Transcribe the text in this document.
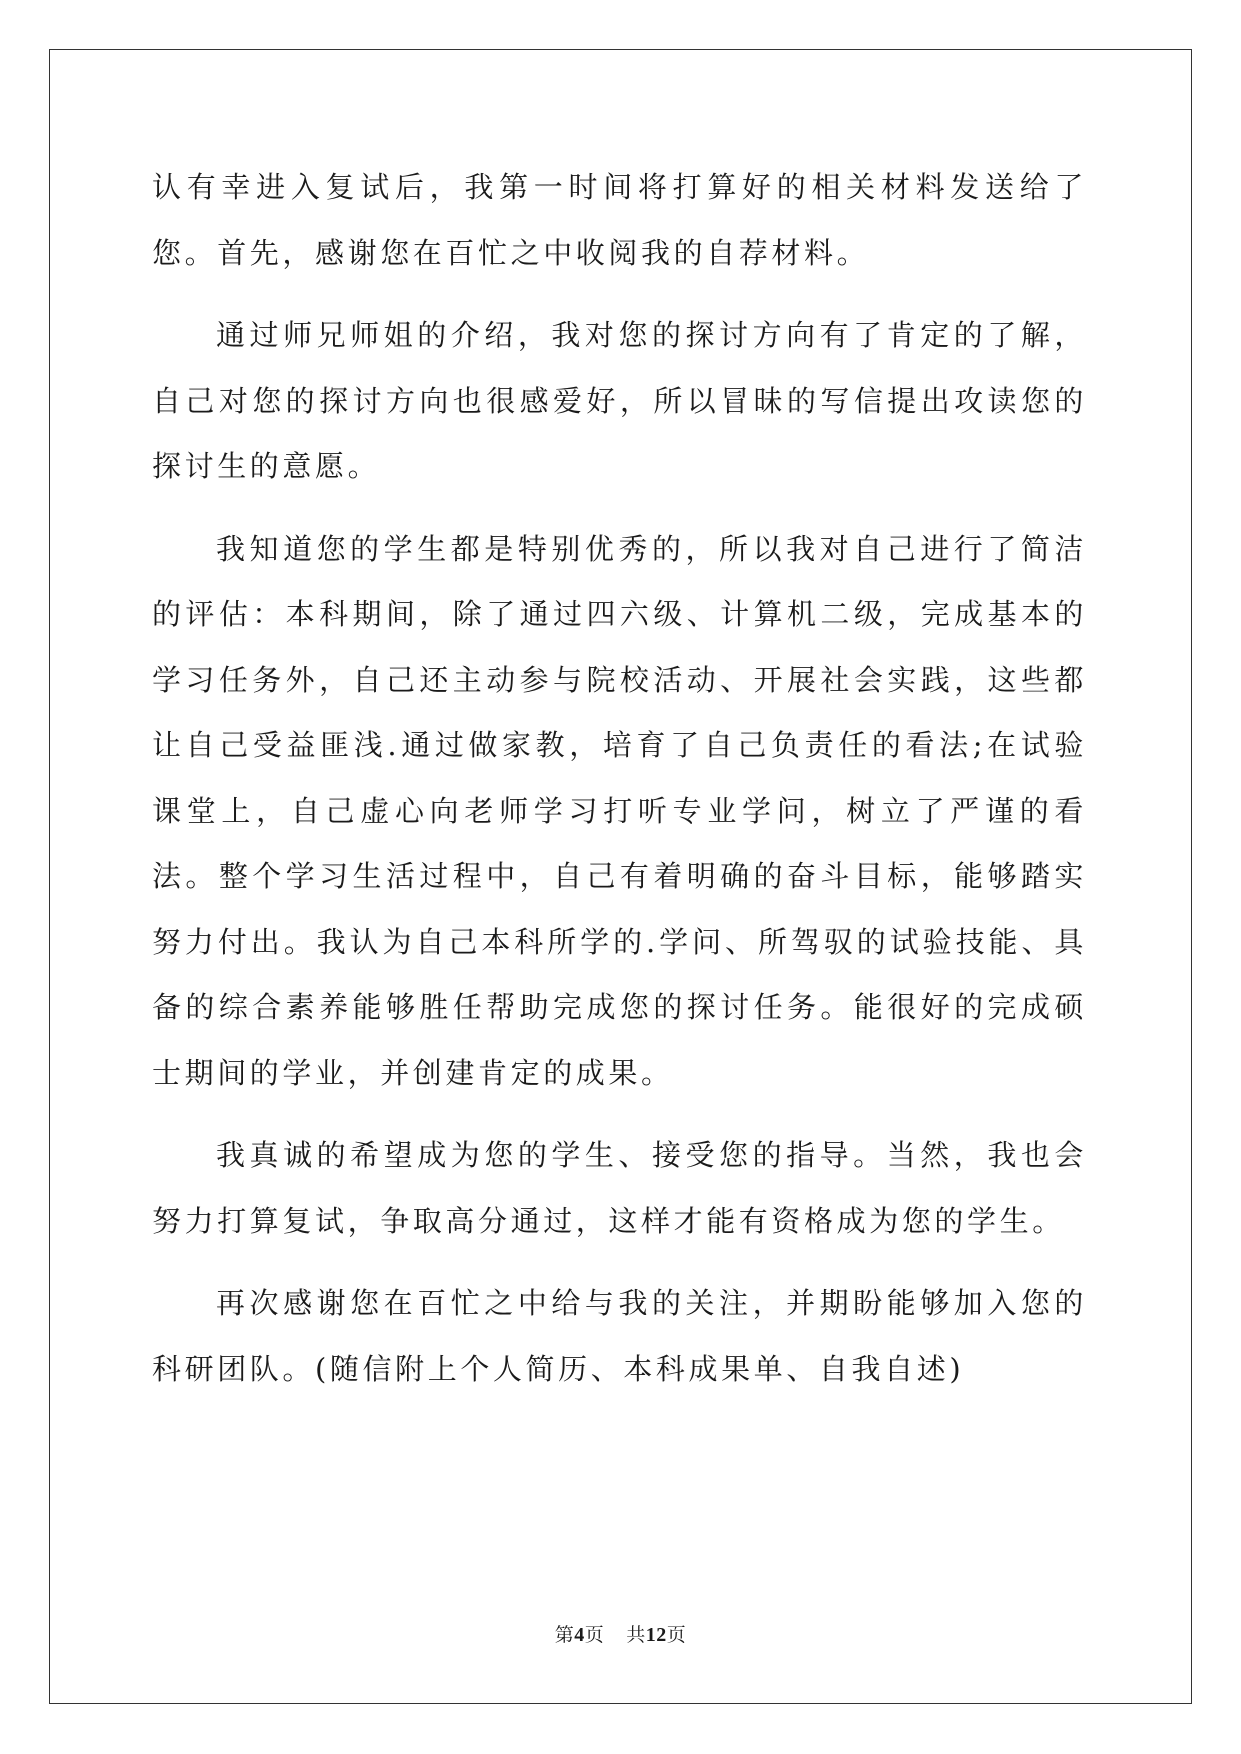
认有幸进入复试后，我第一时间将打算好的相关材料发送给了您。首先，感谢您在百忙之中收阅我的自荐材料。

通过师兄师姐的介绍，我对您的探讨方向有了肯定的了解，自己对您的探讨方向也很感爱好，所以冒昧的写信提出攻读您的探讨生的意愿。

我知道您的学生都是特别优秀的，所以我对自己进行了简洁的评估：本科期间，除了通过四六级、计算机二级，完成基本的学习任务外，自己还主动参与院校活动、开展社会实践，这些都让自己受益匪浅.通过做家教，培育了自己负责任的看法;在试验课堂上，自己虚心向老师学习打听专业学问，树立了严谨的看法。整个学习生活过程中，自己有着明确的奋斗目标，能够踏实努力付出。我认为自己本科所学的.学问、所驾驭的试验技能、具备的综合素养能够胜任帮助完成您的探讨任务。能很好的完成硕士期间的学业，并创建肯定的成果。

我真诚的希望成为您的学生、接受您的指导。当然，我也会努力打算复试，争取高分通过，这样才能有资格成为您的学生。

再次感谢您在百忙之中给与我的关注，并期盼能够加入您的科研团队。(随信附上个人简历、本科成果单、自我自述)

第4页 共12页
